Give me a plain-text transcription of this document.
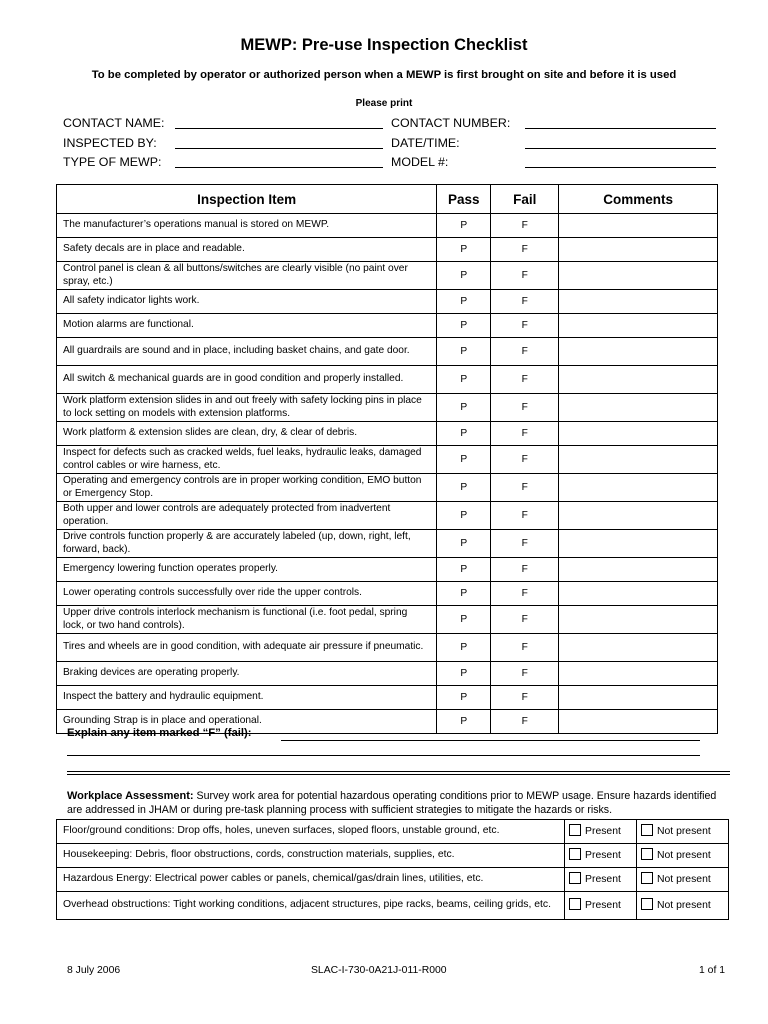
MEWP: Pre-use Inspection Checklist
To be completed by operator or authorized person when a MEWP is first brought on site and before it is used
Please print
CONTACT NAME:
INSPECTED BY:
TYPE OF MEWP:
CONTACT NUMBER:
DATE/TIME:
MODEL #:
Inspection Item	Pass	Fail	Comments
The manufacturer’s operations manual is stored on MEWP.	P	F	
Safety decals are in place and readable.	P	F	
Control panel is clean & all buttons/switches are clearly visible (no paint over spray, etc.)	P	F	
All safety indicator lights work.	P	F	
Motion alarms are functional.	P	F	
All guardrails are sound and in place, including basket chains, and gate door.	P	F	
All switch & mechanical guards are in good condition and properly installed.	P	F	
Work platform extension slides in and out freely with safety locking pins in place to lock setting on models with extension platforms.	P	F	
Work platform & extension slides are clean, dry, & clear of debris.	P	F	
Inspect for defects such as cracked welds, fuel leaks, hydraulic leaks, damaged control cables or wire harness, etc.	P	F	
Operating and emergency controls are in proper working condition, EMO button or Emergency Stop.	P	F	
Both upper and lower controls are adequately protected from inadvertent operation.	P	F	
Drive controls function properly & are accurately labeled (up, down, right, left, forward, back).	P	F	
Emergency lowering function operates properly.	P	F	
Lower operating controls successfully over ride the upper controls.	P	F	
Upper drive controls interlock mechanism is functional (i.e. foot pedal, spring lock, or two hand controls).	P	F	
Tires and wheels are in good condition, with adequate air pressure if pneumatic.	P	F	
Braking devices are operating properly.	P	F	
Inspect the battery and hydraulic equipment.	P	F	
Grounding Strap is in place and operational.	P	F	
Explain any item marked “F” (fail):
Workplace Assessment: Survey work area for potential hazardous operating conditions prior to MEWP usage. Ensure hazards identified are addressed in JHAM or during pre-task planning process with sufficient strategies to mitigate the hazards or risks.
Floor/ground conditions: Drop offs, holes, uneven surfaces, sloped floors, unstable ground, etc.	Present	Not present
Housekeeping: Debris, floor obstructions, cords, construction materials, supplies, etc.	Present	Not present
Hazardous Energy: Electrical power cables or panels, chemical/gas/drain lines, utilities, etc.	Present	Not present
Overhead obstructions: Tight working conditions, adjacent structures, pipe racks, beams, ceiling grids, etc.	Present	Not present
8 July 2006	SLAC-I-730-0A21J-011-R000	1 of 1
